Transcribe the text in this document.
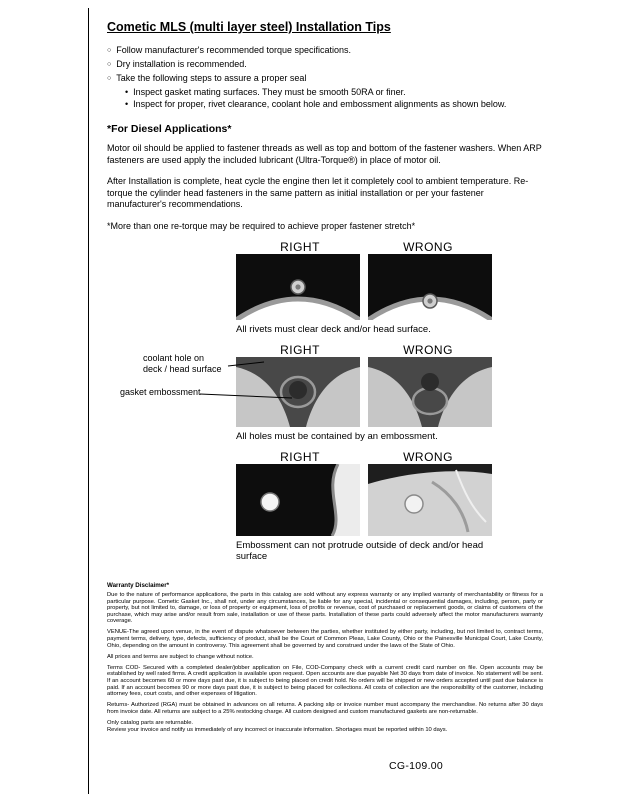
Cometic MLS (multi layer steel) Installation Tips
○ Follow manufacturer's recommended torque specifications.
○ Dry installation is recommended.
○ Take the following steps to assure a proper seal
• Inspect gasket mating surfaces. They must be smooth 50RA or finer.
• Inspect for proper, rivet clearance, coolant hole and embossment alignments as shown below.
*For Diesel Applications*

Motor oil should be applied to fastener threads as well as top and bottom of the fastener washers. When ARP fasteners are used apply the included lubricant (Ultra-Torque®) in place of motor oil.

After Installation is complete, heat cycle the engine then let it completely cool to ambient temperature. Re-torque the cylinder head fasteners in the same pattern as initial installation or per your fastener manufacturer's recommendations.

*More than one re-torque may be required to achieve proper fastener stretch*

RIGHT	WRONG
All rivets must clear deck and/or head surface.
RIGHT	WRONG
All holes must be contained by an embossment.
coolant hole on
deck / head surface
gasket embossment
RIGHT	WRONG
Embossment can not protrude outside of deck and/or head surface
Warranty Disclaimer*

Due to the nature of performance applications, the parts in this catalog are sold without any express warranty or any implied warranty of merchantability or fitness for a particular purpose. Cometic Gasket Inc., shall not, under any circumstances, be liable for any special, incidental or consequential damages, including, person, party or property, but not limited to, damage, or loss of property or equipment, loss of profits or revenue, cost of purchased or replacement goods, or claims of customers of the purchase, which may arise and/or result from sale, installation or use of these parts. Installation of these parts could adversely affect the motor manufacturers warranty coverage.

VENUE-The agreed upon venue, in the event of dispute whatsoever between the parties, whether instituted by either party, including, but not limited to, contract terms, payment terms, delivery, type, defects, sufficiency of product, shall be the Court of Common Pleas, Lake County, Ohio or the Painesville Municipal Court, Lake County, Ohio, depending on the amount in controversy. This agreement shall be governed by and construed under the laws of the State of Ohio.

All prices and terms are subject to change without notice.

Terms COD- Secured with a completed dealer/jobber application on File, COD-Company check with a current credit card number on file. Open accounts may be established by well rated firms. A credit application is available upon request. Open accounts are due payable Net 30 days from date of invoice. No statement will be sent. If an account becomes 60 or more days past due, it is subject to being placed on credit hold. No orders will be shipped or new orders accepted until past due balance is paid. If an account becomes 90 or more days past due, it is subject to being placed for collections. All costs of collection are the responsibility of the customer, including attorney fees, court costs, and other expenses of litigation.

Returns- Authorized (RGA) must be obtained in advances on all returns. A packing slip or invoice number must accompany the merchandise. No returns after 30 days from invoice date. All returns are subject to a 25% restocking charge. All custom designed and custom manufactured gaskets are non-returnable.

Only catalog parts are returnable.

Review your invoice and notify us immediately of any incorrect or inaccurate information. Shortages must be reported within 10 days.

CG-109.00
